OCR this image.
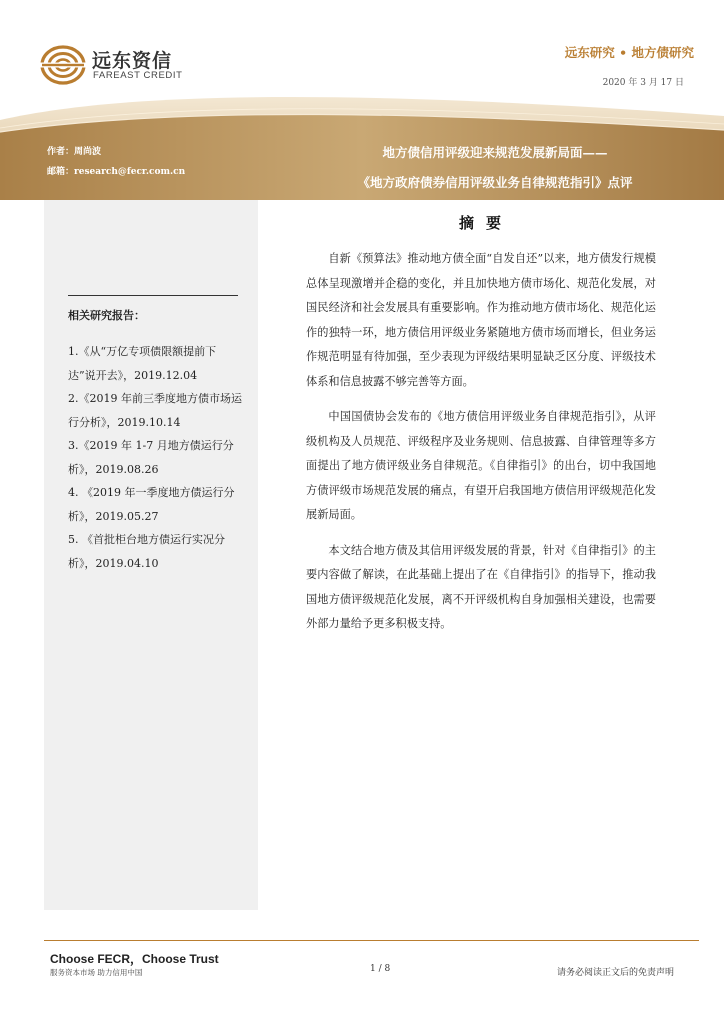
远东资信
FAREAST CREDIT
远东研究 • 地方债研究
2020 年 3 月 17 日
作者：周尚波
邮箱：research@fecr.com.cn
地方债信用评级迎来规范发展新局面——
《地方政府债券信用评级业务自律规范指引》点评
相关研究报告：

1.《从“万亿专项债限额提前下达”说开去》，2019.12.04

2.《2019 年前三季度地方债市场运行分析》，2019.10.14

3.《2019 年 1-7 月地方债运行分析》，2019.08.26

4. 《2019 年一季度地方债运行分析》，2019.05.27

5. 《首批柜台地方债运行实况分析》，2019.04.10

摘要

自新《预算法》推动地方债全面“自发自还”以来，地方债发行规模总体呈现激增并企稳的变化，并且加快地方债市场化、规范化发展，对国民经济和社会发展具有重要影响。作为推动地方债市场化、规范化运作的独特一环，地方债信用评级业务紧随地方债市场而增长，但业务运作规范明显有待加强，至少表现为评级结果明显缺乏区分度、评级技术体系和信息披露不够完善等方面。

中国国债协会发布的《地方债信用评级业务自律规范指引》，从评级机构及人员规范、评级程序及业务规则、信息披露、自律管理等多方面提出了地方债评级业务自律规范。《自律指引》的出台，切中我国地方债评级市场规范发展的痛点，有望开启我国地方债信用评级规范化发展新局面。

本文结合地方债及其信用评级发展的背景，针对《自律指引》的主要内容做了解读，在此基础上提出了在《自律指引》的指导下，推动我国地方债评级规范化发展，离不开评级机构自身加强相关建设，也需要外部力量给予更多积极支持。

Choose FECR，Choose Trust
服务资本市场 助力信用中国	1 / 8	请务必阅读正文后的免责声明
